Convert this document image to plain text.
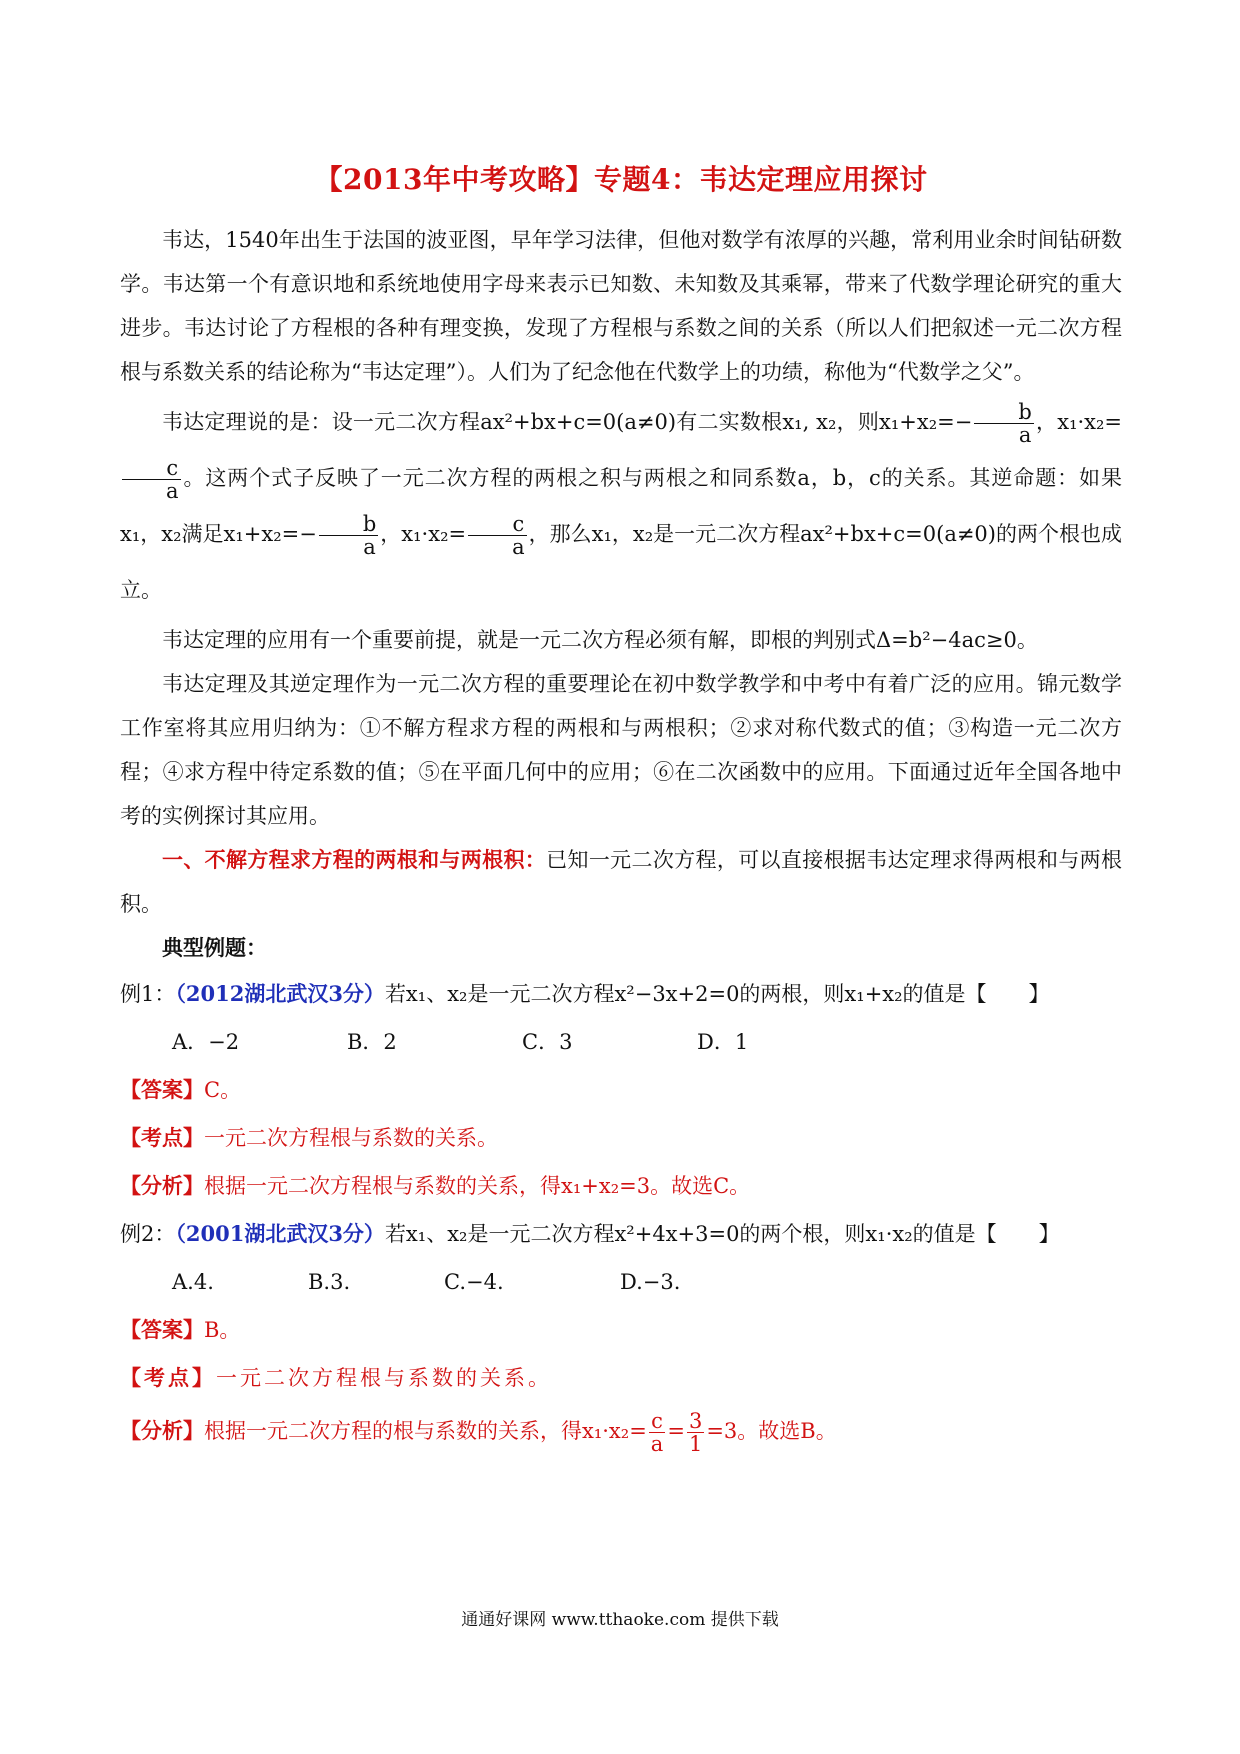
【2013年中考攻略】专题4：韦达定理应用探讨

韦达，1540年出生于法国的波亚图，早年学习法律，但他对数学有浓厚的兴趣，常利用业余时间钻研数学。韦达第一个有意识地和系统地使用字母来表示已知数、未知数及其乘幂，带来了代数学理论研究的重大进步。韦达讨论了方程根的各种有理变换，发现了方程根与系数之间的关系（所以人们把叙述一元二次方程根与系数关系的结论称为“韦达定理”）。人们为了纪念他在代数学上的功绩，称他为“代数学之父”。

韦达定理说的是：设一元二次方程ax²+bx+c=0(a≠0)有二实数根x₁, x₂，则$x_1+x_2=- \frac{b}{a}$ ，x₁·x₂=
$\frac{c}{a}$ 。这两个式子反映了一元二次方程的两根之积与两根之和同系数a，b，c的关系。其逆命题：如果x₁，x₂满足$x_1+x_2=- \frac{b}{a}$ ，$x_1\cdot x_2= \frac{c}{a}$ ，那么x₁，x₂是一元二次方程ax²+bx+c=0(a≠0)的两个根也成立。

韦达定理的应用有一个重要前提，就是一元二次方程必须有解，即根的判别式Δ=b²−4ac≥0。

韦达定理及其逆定理作为一元二次方程的重要理论在初中数学教学和中考中有着广泛的应用。锦元数学工作室将其应用归纳为：①不解方程求方程的两根和与两根积；②求对称代数式的值；③构造一元二次方程；④求方程中待定系数的值；⑤在平面几何中的应用；⑥在二次函数中的应用。下面通过近年全国各地中考的实例探讨其应用。

一、不解方程求方程的两根和与两根积：已知一元二次方程，可以直接根据韦达定理求得两根和与两根积。

典型例题：

例1：（2012湖北武汉3分）若x₁、x₂是一元二次方程x²−3x+2=0的两根，则x₁+x₂的值是【　　】

A．−2	B．2	C．3	D．1

【答案】C。

【考点】一元二次方程根与系数的关系。

【分析】根据一元二次方程根与系数的关系，得x₁+x₂=3。故选C。

例2：（2001湖北武汉3分）若x₁、x₂是一元二次方程x²+4x+3=0的两个根，则x₁·x₂的值是【　　】

A.4.	B.3.	C.−4.	D.−3.

【答案】B。

【考点】一元二次方程根与系数的关系。

【分析】根据一元二次方程的根与系数的关系，得$x_1\cdot x_2= \frac{c}{a} = \frac{3}{1} =3$。故选B。

通通好课网 www.tthaoke.com 提供下载
